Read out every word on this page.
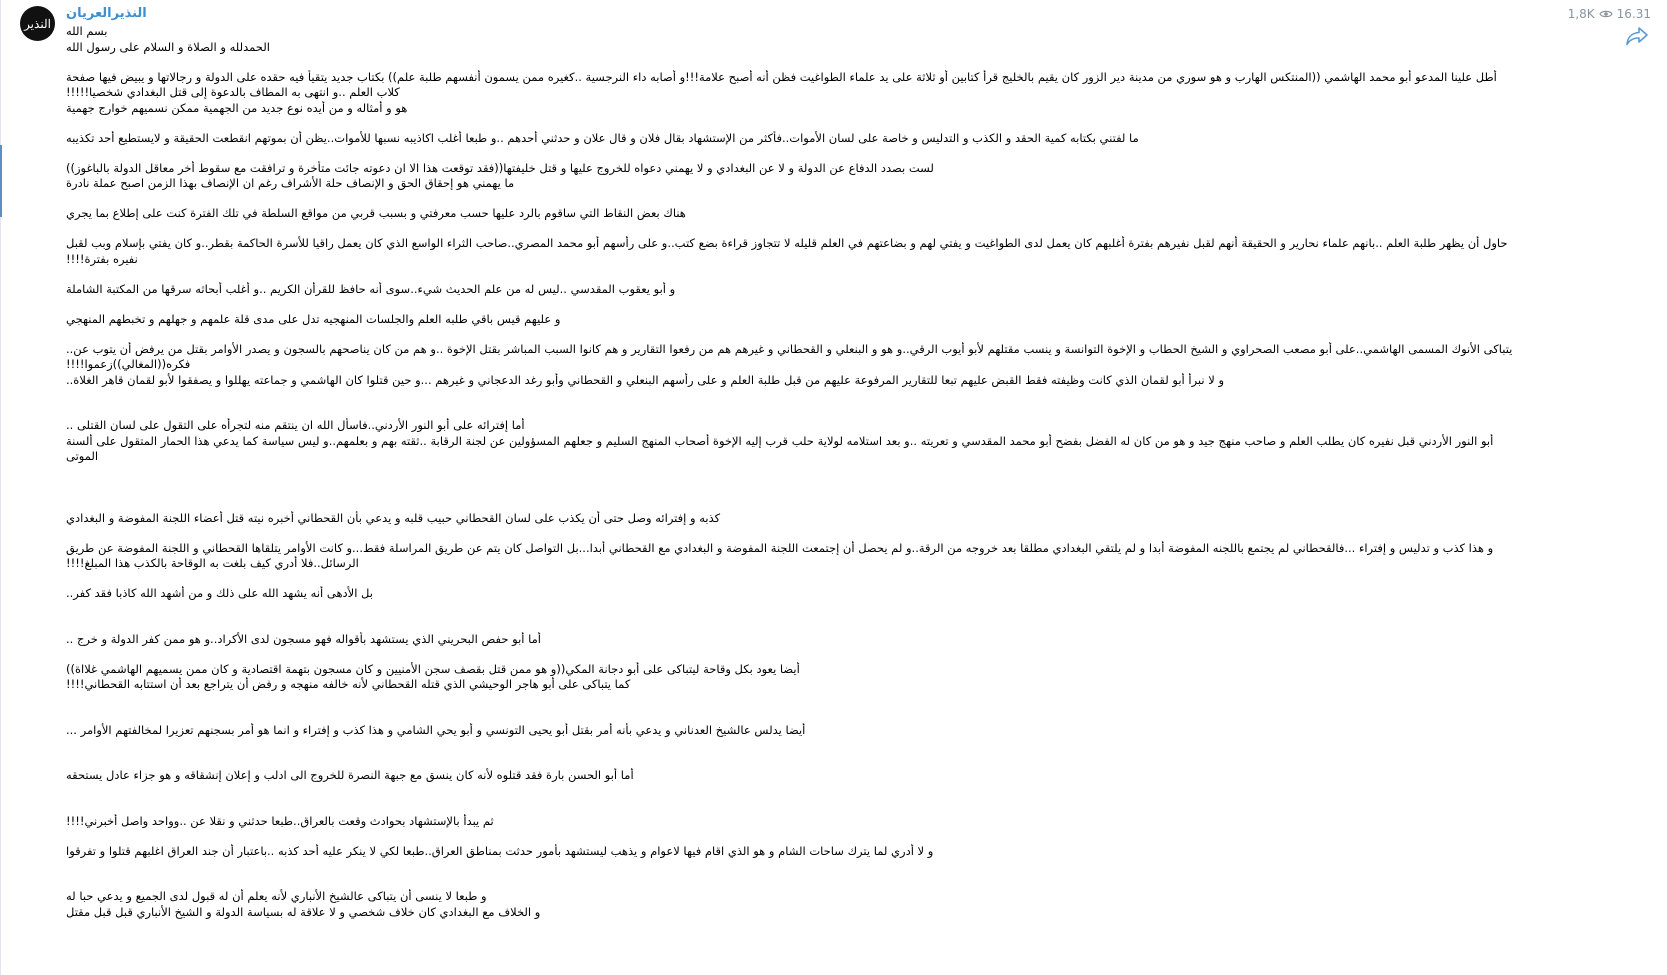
النذير
1,8K 16.31
النذيرالعريان
بسم الله
الحمدلله و الصلاة و السلام على رسول الله
أطل علينا المدعو أبو محمد الهاشمي ((المنتكس الهارب و هو سوري من مدينة دير الزور كان يقيم بالخليج قرأ كتابين أو ثلاثة على يد علماء الطواغيت فظن أنه أصبح علامة!!!و أصابه داء النرجسية ..كغيره ممن يسمون أنفسهم طلبة علم)) بكتاب جديد يتقيأ فيه حقده على الدولة و رجالاتها و يبيض فيها صفحة
كلاب العلم ..و انتهى به المطاف بالدعوة إلى قتل البغدادي شخصيا!!!!!
هو و أمثاله و من أيده نوع جديد من الجهمية ممكن نسميهم خوارج جهمية
ما لفتني بكتابه كمية الحقد و الكذب و التدليس و خاصة على لسان الأموات..فأكثر من الإستشهاد بقال فلان و قال علان و حدثني أحدهم ..و طبعا أغلب اكاذيبه نسبها للأموات..يظن أن بموتهم انقطعت الحقيقة و لايستطيع أحد تكذيبه
لست بصدد الدفاع عن الدولة و لا عن البغدادي و لا يهمني دعواه للخروج عليها و قتل خليفتها((فقد توقعت هذا الا ان دعوته جائت متأخرة و ترافقت مع سقوط أخر معاقل الدولة بالباغوز))
ما يهمني هو إحقاق الحق و الإنصاف حلة الأشراف رغم ان الإنصاف بهذا الزمن اصبح عملة نادرة
هناك بعض النقاط التي ساقوم بالرد عليها حسب معرفتي و بسبب قربي من مواقع السلطة في تلك الفترة كنت على إطلاع بما يجري
حاول أن يظهر طلبة العلم ..بانهم علماء نحارير و الحقيقة أنهم لقبل نفيرهم بفترة أغلبهم كان يعمل لدى الطواغيت و يفتي لهم و بضاعتهم في العلم قليله لا تتجاوز قراءة بضع كتب..و على رأسهم أبو محمد المصري..صاحب الثراء الواسع الذي كان يعمل راقيا للأسرة الحاكمة بقطر..و كان يفتي بإسلام وبب لقبل
نفيره بفترة!!!!
و أبو يعقوب المقدسي ..ليس له من علم الحديث شيء..سوى أنه حافظ للقرأن الكريم ..و أغلب أبحاثه سرقها من المكتبة الشاملة
و عليهم قيس باقي طلبه العلم والجلسات المنهجيه تدل على مدى قلة علمهم و جهلهم و تخبطهم المنهجي
يتباكى الأنوك المسمى الهاشمي..على أبو مصعب الصحراوي و الشيخ الحطاب و الإخوة التوانسة و ينسب مقتلهم لأبو أيوب الرقي..و هو و البنعلي و القحطاني و غيرهم هم من رفعوا التقارير و هم كانوا السبب المباشر بقتل الإخوة ..و هم من كان يناصحهم بالسجون و يصدر الأوامر بقتل من يرفض أن يتوب عن..
فكره((المغالي))زعموا!!!!
و لا نبرأ أبو لقمان الذي كانت وظيفته فقط القبض عليهم تبعا للتقارير المرفوعة عليهم من قبل طلبة العلم و على رأسهم البنعلي و القحطاني وأبو رغد الدعجاني و غيرهم ...و حين قتلوا كان الهاشمي و جماعته يهللوا و يصفقوا لأبو لقمان قاهر الغلاة..
أما إفترائه على أبو النور الأردني..فاسأل الله ان ينتقم منه لتجرأه على التقول على لسان القتلى ..
أبو النور الأردني قبل نفيره كان يطلب العلم و صاحب منهج جيد و هو من كان له الفضل بفضح أبو محمد المقدسي و تعريته ..و بعد استلامه لولاية حلب قرب إليه الإخوة أصحاب المنهج السليم و جعلهم المسؤولين عن لجنة الرقابة ..ثقته بهم و بعلمهم..و ليس سياسة كما يدعي هذا الحمار المتقول على ألسنة
الموتى
كذبه و إفترائه وصل حتى أن يكذب على لسان القحطاني حبيب قلبه و يدعي بأن القحطاني أخبره نيته قتل أعضاء اللجنة المفوضة و البغدادي
و هذا كذب و تدليس و إفتراء ...فالقحطاني لم يجتمع باللجنه المفوضة أبدا و لم يلتقي البغدادي مطلقا بعد خروجه من الرقة..و لم يحصل أن إجتمعت اللجنة المفوضة و البغدادي مع القحطاني أبدا...بل التواصل كان يتم عن طريق المراسلة فقط...و كانت الأوامر يتلقاها القحطاني و اللجنة المفوضة عن طريق
الرسائل..فلا أدري كيف بلغت به الوقاحة بالكذب هذا المبلغ!!!!
بل الأدهى أنه يشهد الله على ذلك و من أشهد الله كاذبا فقد كفر..
أما أبو حفص البحريني الذي يستشهد بأقواله فهو مسجون لدى الأكراد..و هو ممن كفر الدولة و خرج ..
أيضا يعود بكل وقاحة ليتباكى على أبو دجانة المكي((و هو ممن قتل بقصف سجن الأمنيين و كان مسجون بتهمة اقتصادية و كان ممن يسميهم الهاشمي غلااة))
كما يتباكى على أبو هاجر الوحيشي الذي قتله القحطاني لأنه خالفه منهجه و رفض أن يتراجع بعد أن استتابه القحطاني!!!!
أيضا يدلس عالشيخ العدناني و يدعي بأنه أمر بقتل أبو يحيى التونسي و أبو يحي الشامي و هذا كذب و إفتراء و انما هو أمر بسجنهم تعزيرا لمخالفتهم الأوامر ...
أما أبو الحسن بارة فقد قتلوه لأنه كان ينسق مع جبهة النصرة للخروج الى ادلب و إعلان إنشقاقه و هو جزاء عادل يستحقه
ثم يبدأ بالإستشهاد بحوادث وقعت بالعراق..طبعا حدثني و نقلا عن ..وواحد واصل أخبرني!!!!
و لا أدري لما يترك ساحات الشام و هو الذي اقام فيها لاعوام و يذهب ليستشهد بأمور حدثت بمناطق العراق..طبعا لكي لا ينكر عليه أحد كذبه ..باعتبار أن جند العراق اغلبهم قتلوا و تفرقوا
و طبعا لا ينسى أن يتباكى عالشيخ الأنباري لأنه يعلم أن له قبول لدى الجميع و يدعي حبا له
و الخلاف مع البغدادي كان خلاف شخصي و لا علاقة له بسياسة الدولة و الشيخ الأنباري قبل قبل مقتل
